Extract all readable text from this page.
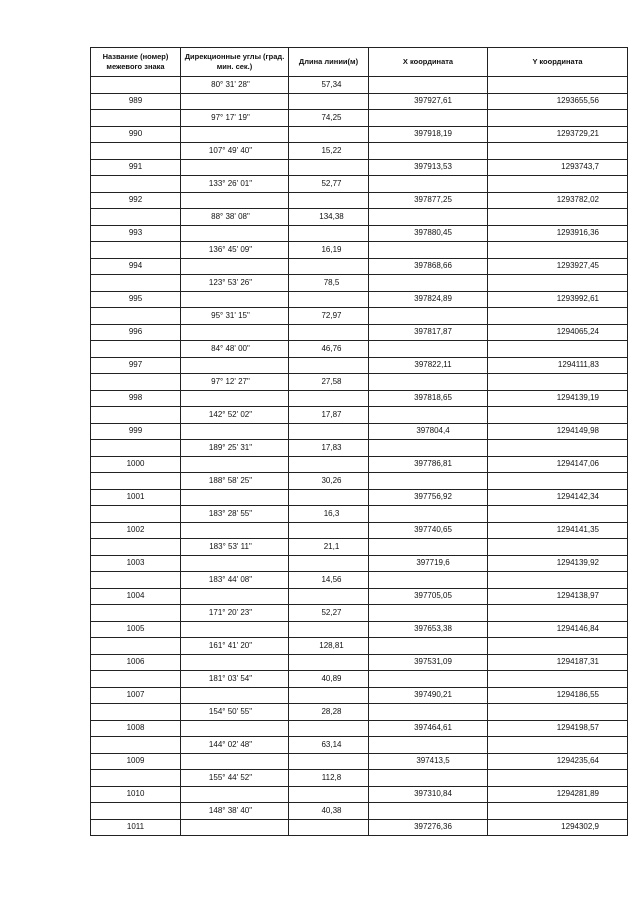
Название (номер) межевого знака	Дирекционные углы (град. мин. сек.)	Длина линии(м)	X координата	Y координата
	80° 31' 28"	57,34		
989			397927,61	1293655,56
	97° 17' 19"	74,25		
990			397918,19	1293729,21
	107° 49' 40"	15,22		
991			397913,53	1293743,7
	133° 26' 01"	52,77		
992			397877,25	1293782,02
	88° 38' 08"	134,38		
993			397880,45	1293916,36
	136° 45' 09"	16,19		
994			397868,66	1293927,45
	123° 53' 26"	78,5		
995			397824,89	1293992,61
	95° 31' 15"	72,97		
996			397817,87	1294065,24
	84° 48' 00"	46,76		
997			397822,11	1294111,83
	97° 12' 27"	27,58		
998			397818,65	1294139,19
	142° 52' 02"	17,87		
999			397804,4	1294149,98
	189° 25' 31"	17,83		
1000			397786,81	1294147,06
	188° 58' 25"	30,26		
1001			397756,92	1294142,34
	183° 28' 55"	16,3		
1002			397740,65	1294141,35
	183° 53' 11"	21,1		
1003			397719,6	1294139,92
	183° 44' 08"	14,56		
1004			397705,05	1294138,97
	171° 20' 23"	52,27		
1005			397653,38	1294146,84
	161° 41' 20"	128,81		
1006			397531,09	1294187,31
	181° 03' 54"	40,89		
1007			397490,21	1294186,55
	154° 50' 55"	28,28		
1008			397464,61	1294198,57
	144° 02' 48"	63,14		
1009			397413,5	1294235,64
	155° 44' 52"	112,8		
1010			397310,84	1294281,89
	148° 38' 40"	40,38		
1011			397276,36	1294302,9
